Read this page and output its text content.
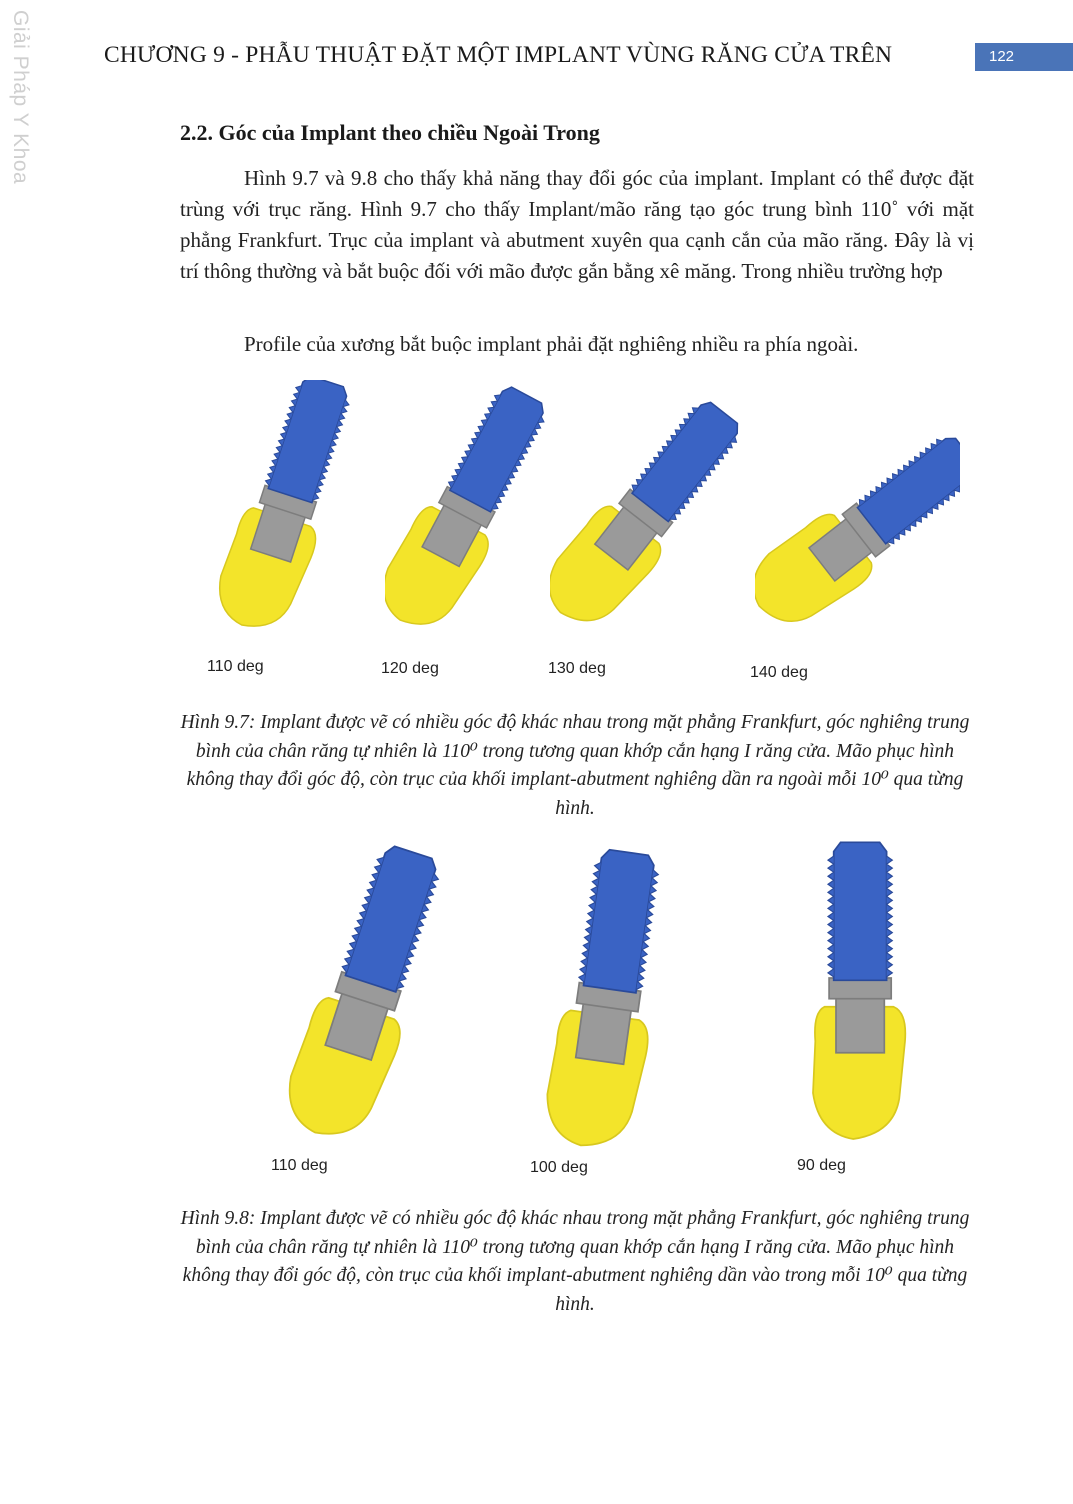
Giải Pháp Y Khoa	CHƯƠNG 9 - PHẪU THUẬT ĐẶT MỘT IMPLANT VÙNG RĂNG CỬA TRÊN	122
2.2. Góc của Implant theo chiều Ngoài Trong
Hình 9.7 và 9.8 cho thấy khả năng thay đổi góc của implant. Implant có thể được đặt trùng với trục răng. Hình 9.7 cho thấy Implant/mão răng tạo góc trung bình 110˚ với mặt phẳng Frankfurt. Trục của implant và abutment xuyên qua cạnh cắn của mão răng. Đây là vị trí thông thường và bắt buộc đối với mão được gắn bằng xê măng. Trong nhiều trường hợp
Profile của xương bắt buộc implant phải đặt nghiêng nhiều ra phía ngoài.
110 deg	120 deg	130 deg	140 deg
Hình 9.7: Implant được vẽ có nhiều góc độ khác nhau trong mặt phẳng Frankfurt, góc nghiêng trung bình của chân răng tự nhiên là 110⁰ trong tương quan khớp cắn hạng I răng cửa. Mão phục hình không thay đổi góc độ, còn trục của khối implant-abutment nghiêng dần ra ngoài mỗi 10⁰ qua từng hình.
110 deg	100 deg	90 deg
Hình 9.8: Implant được vẽ có nhiều góc độ khác nhau trong mặt phẳng Frankfurt, góc nghiêng trung bình của chân răng tự nhiên là 110⁰ trong tương quan khớp cắn hạng I răng cửa. Mão phục hình không thay đổi góc độ, còn trục của khối implant-abutment nghiêng dần vào trong mỗi 10⁰ qua từng hình.
